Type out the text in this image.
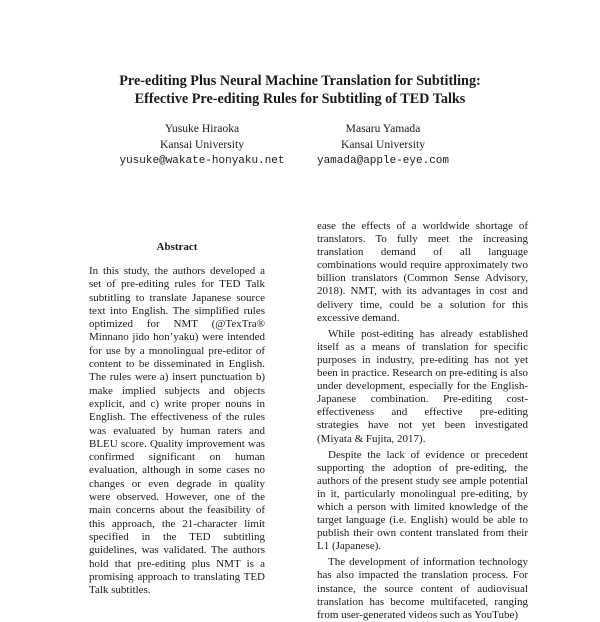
Pre-editing Plus Neural Machine Translation for Subtitling:
Effective Pre-editing Rules for Subtitling of TED Talks
Yusuke Hiraoka
Kansai University
yusuke@wakate-honyaku.net
Masaru Yamada
Kansai University
yamada@apple-eye.com
Abstract
In this study, the authors developed a set of pre-editing rules for TED Talk subtitling to translate Japanese source text into English. The simplified rules optimized for NMT (@TexTra® Minnano jido hon’yaku) were intended for use by a monolingual pre-editor of content to be disseminated in English. The rules were a) insert punctuation b) make implied subjects and objects explicit, and c) write proper nouns in English. The effectiveness of the rules was evaluated by human raters and BLEU score. Quality improvement was confirmed significant on human evaluation, although in some cases no changes or even degrade in quality were observed. However, one of the main concerns about the feasibility of this approach, the 21-character limit specified in the TED subtitling guidelines, was validated. The authors hold that pre-editing plus NMT is a promising approach to translating TED Talk subtitles.

ease the effects of a worldwide shortage of translators. To fully meet the increasing translation demand of all language combinations would require approximately two billion translators (Common Sense Advisory, 2018). NMT, with its advantages in cost and delivery time, could be a solution for this excessive demand.

While post-editing has already established itself as a means of translation for specific purposes in industry, pre-editing has not yet been in practice. Research on pre-editing is also under development, especially for the English-Japanese combination. Pre-editing cost-effectiveness and effective pre-editing strategies have not yet been investigated (Miyata & Fujita, 2017).

Despite the lack of evidence or precedent supporting the adoption of pre-editing, the authors of the present study see ample potential in it, particularly monolingual pre-editing, by which a person with limited knowledge of the target language (i.e. English) would be able to publish their own content translated from their L1 (Japanese).

The development of information technology has also impacted the translation process. For instance, the source content of audiovisual translation has become multifaceted, ranging from user-generated videos such as YouTube)
